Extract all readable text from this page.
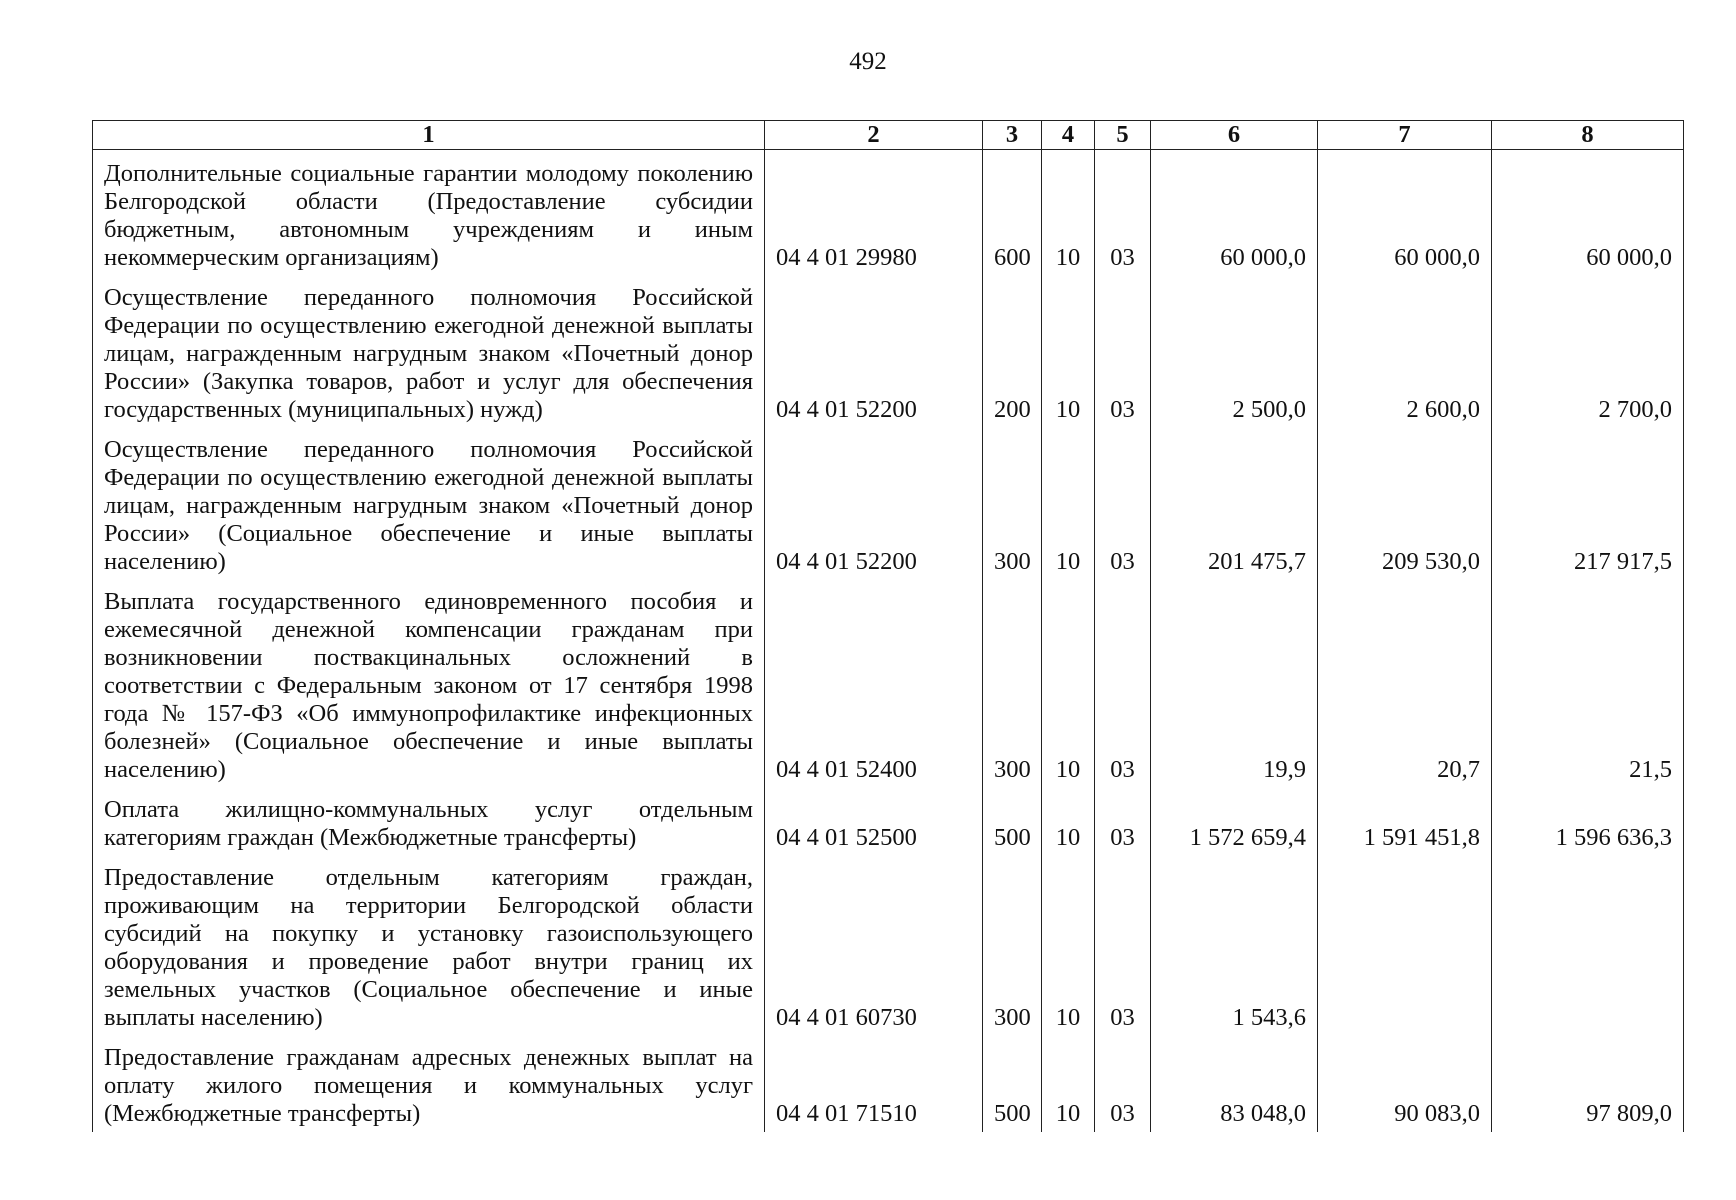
492
1	2	3	4	5	6	7	8
Дополнительные социальные гарантии молодому поколению Белгородской области (Предоставление субсидии бюджетным, автономным учреждениям и иным некоммерческим организациям)	04 4 01 29980	600	10	03	60 000,0	60 000,0	60 000,0
Осуществление переданного полномочия Российской Федерации по осуществлению ежегодной денежной выплаты лицам, награжденным нагрудным знаком «Почетный донор России» (Закупка товаров, работ и услуг для обеспечения государственных (муниципальных) нужд)	04 4 01 52200	200	10	03	2 500,0	2 600,0	2 700,0
Осуществление переданного полномочия Российской Федерации по осуществлению ежегодной денежной выплаты лицам, награжденным нагрудным знаком «Почетный донор России» (Социальное обеспечение и иные выплаты населению)	04 4 01 52200	300	10	03	201 475,7	209 530,0	217 917,5
Выплата государственного единовременного пособия и ежемесячной денежной компенсации гражданам при возникновении поствакцинальных осложнений в соответствии с Федеральным законом от 17 сентября 1998 года № 157-ФЗ «Об иммунопрофилактике инфекционных болезней» (Социальное обеспечение и иные выплаты населению)	04 4 01 52400	300	10	03	19,9	20,7	21,5
Оплата жилищно-коммунальных услуг отдельным категориям граждан (Межбюджетные трансферты)	04 4 01 52500	500	10	03	1 572 659,4	1 591 451,8	1 596 636,3
Предоставление отдельным категориям граждан, проживающим на территории Белгородской области субсидий на покупку и установку газоиспользующего оборудования и проведение работ внутри границ их земельных участков (Социальное обеспечение и иные выплаты населению)	04 4 01 60730	300	10	03	1 543,6		
Предоставление гражданам адресных денежных выплат на оплату жилого помещения и коммунальных услуг (Межбюджетные трансферты)	04 4 01 71510	500	10	03	83 048,0	90 083,0	97 809,0
